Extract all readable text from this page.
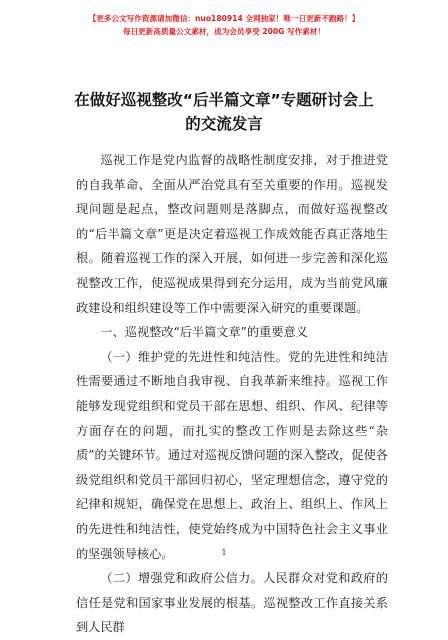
【更多公文写作资源请加微信：nuo180914 全网独家！唯一日更新不跑路！】
每日更新高质量公文素材，成为会员享受 200G 写作素材！
在做好巡视整改“后半篇文章”专题研讨会上
的交流发言

巡视工作是党内监督的战略性制度安排，对于推进党的自我革命、全面从严治党具有至关重要的作用。巡视发现问题是起点，整改问题则是落脚点，而做好巡视整改的“后半篇文章”更是决定着巡视工作成效能否真正落地生根。随着巡视工作的深入开展，如何进一步完善和深化巡视整改工作，使巡视成果得到充分运用，成为当前党风廉政建设和组织建设等工作中需要深入研究的重要课题。

一、巡视整改“后半篇文章”的重要意义

（一）维护党的先进性和纯洁性。党的先进性和纯洁性需要通过不断地自我审视、自我革新来维持。巡视工作能够发现党组织和党员干部在思想、组织、作风、纪律等方面存在的问题，而扎实的整改工作则是去除这些“杂质”的关键环节。通过对巡视反馈问题的深入整改，促使各级党组织和党员干部回归初心，坚定理想信念，遵守党的纪律和规矩，确保党在思想上、政治上、组织上、作风上的先进性和纯洁性，使党始终成为中国特色社会主义事业的坚强领导核心。

（二）增强党和政府公信力。人民群众对党和政府的信任是党和国家事业发展的根基。巡视整改工作直接关系到人民群

1
